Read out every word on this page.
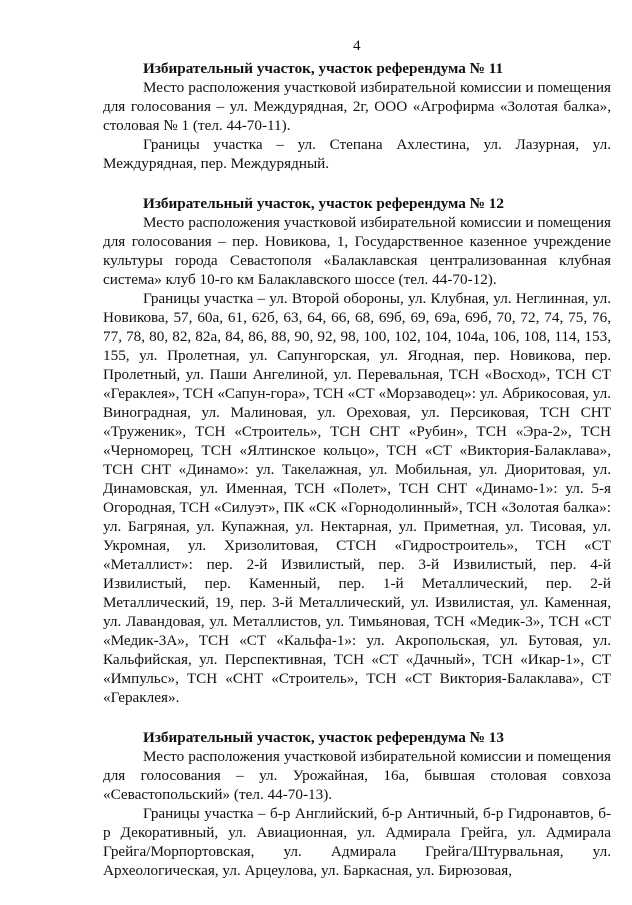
4

Избирательный участок, участок референдума № 11

Место расположения участковой избирательной комиссии и помещения для голосования – ул. Междурядная, 2г, ООО «Агрофирма «Золотая балка», столовая № 1 (тел. 44-70-11).

Границы участка – ул. Степана Ахлестина, ул. Лазурная, ул. Междурядная, пер. Междурядный.

Избирательный участок, участок референдума № 12

Место расположения участковой избирательной комиссии и помещения для голосования – пер. Новикова, 1, Государственное казенное учреждение культуры города Севастополя «Балаклавская централизованная клубная система» клуб 10-го км Балаклавского шоссе (тел. 44-70-12).

Границы участка – ул. Второй обороны, ул. Клубная, ул. Неглинная, ул. Новикова, 57, 60а, 61, 62б, 63, 64, 66, 68, 69б, 69, 69а, 69б, 70, 72, 74, 75, 76, 77, 78, 80, 82, 82а, 84, 86, 88, 90, 92, 98, 100, 102, 104, 104а, 106, 108, 114, 153, 155, ул. Пролетная, ул. Сапунгорская, ул. Ягодная, пер. Новикова, пер. Пролетный, ул. Паши Ангелиной, ул. Перевальная, ТСН «Восход», ТСН СТ «Гераклея», ТСН «Сапун-гора», ТСН «СТ «Морзаводец»: ул. Абрикосовая, ул. Виноградная, ул. Малиновая, ул. Ореховая, ул. Персиковая, ТСН СНТ «Труженик», ТСН «Строитель», ТСН СНТ «Рубин», ТСН «Эра-2», ТСН «Черноморец, ТСН «Ялтинское кольцо», ТСН «СТ «Виктория-Балаклава», ТСН СНТ «Динамо»: ул. Такелажная, ул. Мобильная, ул. Диоритовая, ул. Динамовская, ул. Именная, ТСН «Полет», ТСН СНТ «Динамо-1»: ул. 5-я Огородная, ТСН «Силуэт», ПК «СК «Горнодолинный», ТСН «Золотая балка»: ул. Багряная, ул. Купажная, ул. Нектарная, ул. Приметная, ул. Тисовая, ул. Укромная, ул. Хризолитовая, СТСН «Гидростроитель», ТСН «СТ «Металлист»: пер. 2-й Извилистый, пер. 3-й Извилистый, пер. 4-й Извилистый, пер. Каменный, пер. 1-й Металлический, пер. 2-й Металлический, 19, пер. 3-й Металлический, ул. Извилистая, ул. Каменная, ул. Лавандовая, ул. Металлистов, ул. Тимьяновая, ТСН «Медик-3», ТСН «СТ «Медик-3А», ТСН «СТ «Кальфа-1»: ул. Акропольская, ул. Бутовая, ул. Кальфийская, ул. Перспективная, ТСН «СТ «Дачный», ТСН «Икар-1», СТ «Импульс», ТСН «СНТ «Строитель», ТСН «СТ Виктория-Балаклава», СТ «Гераклея».

Избирательный участок, участок референдума № 13

Место расположения участковой избирательной комиссии и помещения для голосования – ул. Урожайная, 16а, бывшая столовая совхоза «Севастопольский» (тел. 44-70-13).

Границы участка – б-р Английский, б-р Античный, б-р Гидронавтов, б-р Декоративный, ул. Авиационная, ул. Адмирала Грейга, ул. Адмирала Грейга/Морпортовская, ул. Адмирала Грейга/Штурвальная, ул. Археологическая, ул. Арцеулова, ул. Баркасная, ул. Бирюзовая,
